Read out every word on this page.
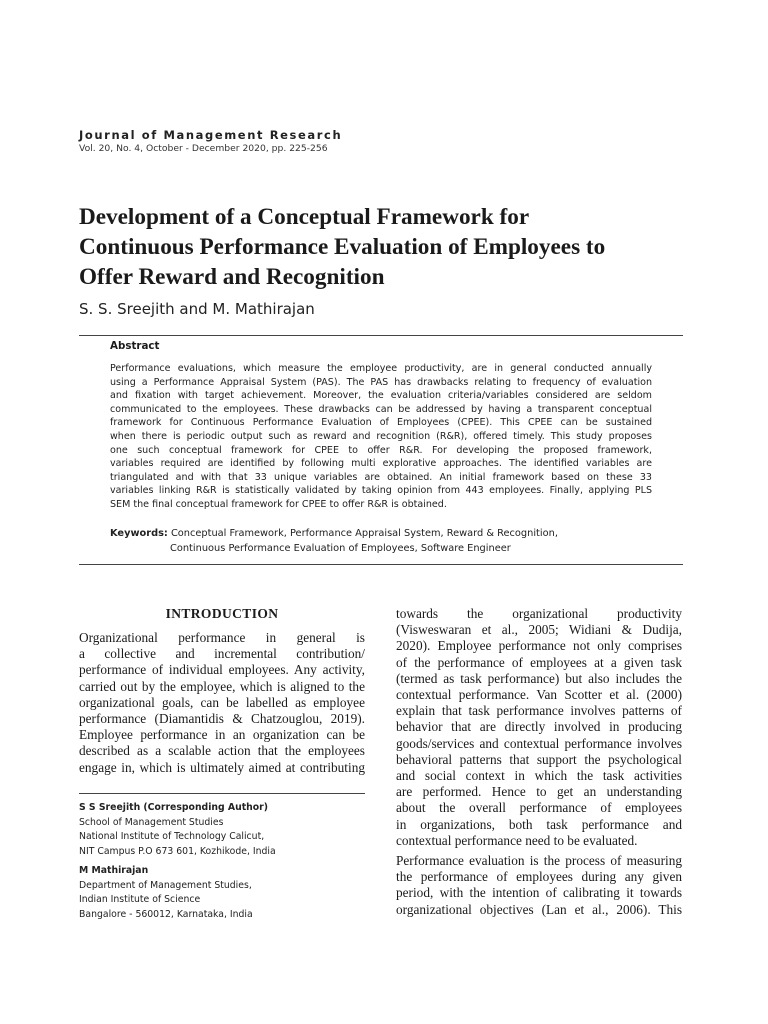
Journal of Management Research
Vol. 20, No. 4, October - December 2020, pp. 225-256
Development of a Conceptual Framework for
Continuous Performance Evaluation of Employees to
Offer Reward and Recognition
S. S. Sreejith and M. Mathirajan
Abstract
Performance evaluations, which measure the employee productivity, are in general conducted annually
using a Performance Appraisal System (PAS). The PAS has drawbacks relating to frequency of evaluation
and fixation with target achievement. Moreover, the evaluation criteria/variables considered are seldom
communicated to the employees. These drawbacks can be addressed by having a transparent conceptual
framework for Continuous Performance Evaluation of Employees (CPEE). This CPEE can be sustained
when there is periodic output such as reward and recognition (R&R), offered timely. This study proposes
one such conceptual framework for CPEE to offer R&R. For developing the proposed framework,
variables required are identified by following multi explorative approaches. The identified variables are
triangulated and with that 33 unique variables are obtained. An initial framework based on these 33
variables linking R&R is statistically validated by taking opinion from 443 employees. Finally, applying PLS
SEM the final conceptual framework for CPEE to offer R&R is obtained.
Keywords: Conceptual Framework, Performance Appraisal System, Reward & Recognition,
Continuous Performance Evaluation of Employees, Software Engineer
INTRODUCTION
Organizational performance in general is
a collective and incremental contribution/
performance of individual employees. Any activity,
carried out by the employee, which is aligned to the
organizational goals, can be labelled as employee
performance (Diamantidis & Chatzouglou, 2019).
Employee performance in an organization can be
described as a scalable action that the employees
engage in, which is ultimately aimed at contributing
towards the organizational productivity
(Visweswaran et al., 2005; Widiani & Dudija,
2020). Employee performance not only comprises
of the performance of employees at a given task
(termed as task performance) but also includes the
contextual performance. Van Scotter et al. (2000)
explain that task performance involves patterns of
behavior that are directly involved in producing
goods/services and contextual performance involves
behavioral patterns that support the psychological
and social context in which the task activities
are performed. Hence to get an understanding
about the overall performance of employees
in organizations, both task performance and
contextual performance need to be evaluated.
Performance evaluation is the process of measuring
the performance of employees during any given
period, with the intention of calibrating it towards
organizational objectives (Lan et al., 2006). This
S S Sreejith (Corresponding Author)
School of Management Studies
National Institute of Technology Calicut,
NIT Campus P.O 673 601, Kozhikode, India
M Mathirajan
Department of Management Studies,
Indian Institute of Science
Bangalore - 560012, Karnataka, India
